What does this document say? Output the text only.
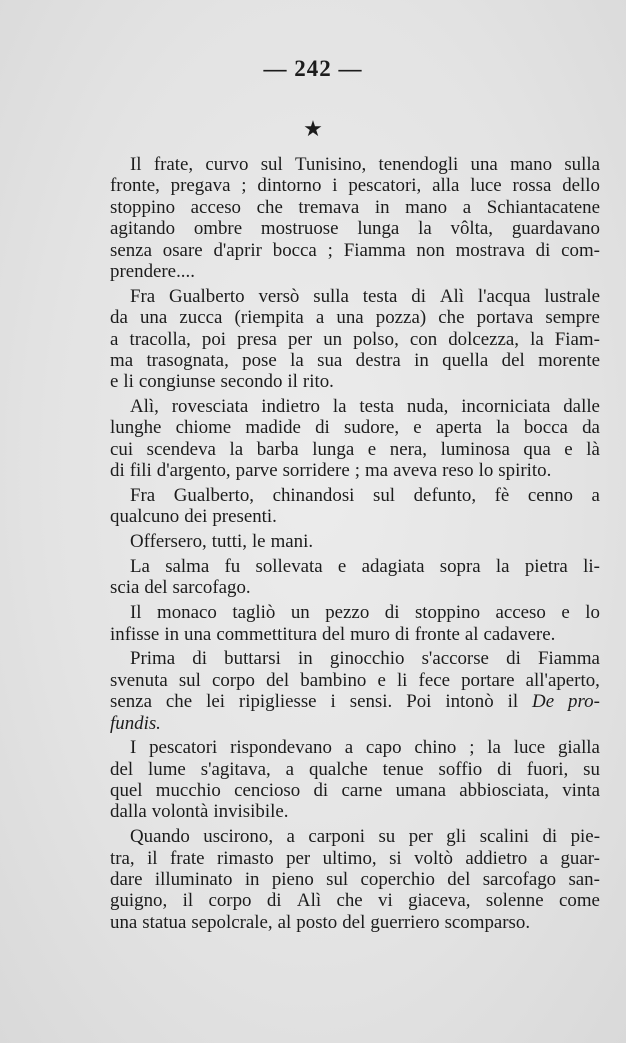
— 242 —
★
Il frate, curvo sul Tunisino, tenendogli una mano sulla
fronte, pregava ; dintorno i pescatori, alla luce rossa dello
stoppino acceso che tremava in mano a Schiantacatene
agitando ombre mostruose lunga la vôlta, guardavano
senza osare d'aprir bocca ; Fiamma non mostrava di com-
prendere....
Fra Gualberto versò sulla testa di Alì l'acqua lustrale
da una zucca (riempita a una pozza) che portava sempre
a tracolla, poi presa per un polso, con dolcezza, la Fiam-
ma trasognata, pose la sua destra in quella del morente
e li congiunse secondo il rito.
Alì, rovesciata indietro la testa nuda, incorniciata dalle
lunghe chiome madide di sudore, e aperta la bocca da
cui scendeva la barba lunga e nera, luminosa qua e là
di fili d'argento, parve sorridere ; ma aveva reso lo spirito.
Fra Gualberto, chinandosi sul defunto, fè cenno a
qualcuno dei presenti.
Offersero, tutti, le mani.
La salma fu sollevata e adagiata sopra la pietra li-
scia del sarcofago.
Il monaco tagliò un pezzo di stoppino acceso e lo
infisse in una commettitura del muro di fronte al cadavere.
Prima di buttarsi in ginocchio s'accorse di Fiamma
svenuta sul corpo del bambino e li fece portare all'aperto,
senza che lei ripigliesse i sensi. Poi intonò il De pro-
fundis.
I pescatori rispondevano a capo chino ; la luce gialla
del lume s'agitava, a qualche tenue soffio di fuori, su
quel mucchio cencioso di carne umana abbiosciata, vinta
dalla volontà invisibile.
Quando uscirono, a carponi su per gli scalini di pie-
tra, il frate rimasto per ultimo, si voltò addietro a guar-
dare illuminato in pieno sul coperchio del sarcofago san-
guigno, il corpo di Alì che vi giaceva, solenne come
una statua sepolcrale, al posto del guerriero scomparso.
